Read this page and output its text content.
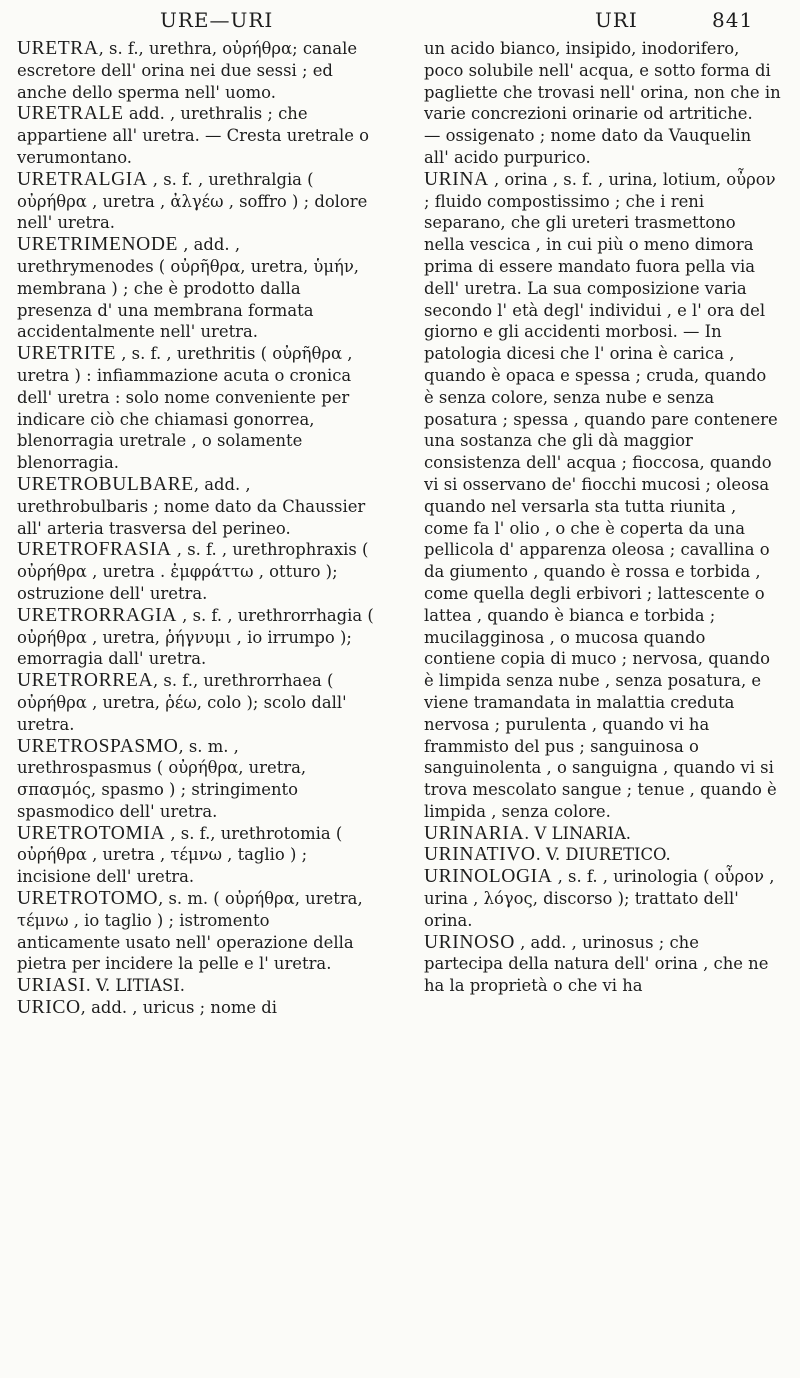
URE—URI	URI	841

URETRA, s. f., urethra, οὐρήθρα; canale escretore dell' orina nei due sessi ; ed anche dello sperma nell' uomo.

URETRALE add. , urethralis ; che appartiene all' uretra. — Cresta uretrale o verumontano.

URETRALGIA , s. f. , urethralgia ( οὐρήθρα , uretra , ἀλγέω , soffro ) ; dolore nell' uretra.

URETRIMENODE , add. , urethrymenodes ( οὐρῆθρα, uretra, ὑμήν, membrana ) ; che è prodotto dalla presenza d' una membrana formata accidentalmente nell' uretra.

URETRITE , s. f. , urethritis ( οὐρῆθρα , uretra ) : infiammazione acuta o cronica dell' uretra : solo nome conveniente per indicare ciò che chiamasi gonorrea, blenorragia uretrale , o solamente blenorragia.

URETROBULBARE, add. , urethrobulbaris ; nome dato da Chaussier all' arteria trasversa del perineo.

URETROFRASIA , s. f. , urethrophraxis ( οὐρήθρα , uretra . ἐμφράττω , otturo ); ostruzione dell' uretra.

URETRORRAGIA , s. f. , urethrorrhagia ( οὐρήθρα , uretra, ῥήγνυμι , io irrumpo ); emorragia dall' uretra.

URETRORREA, s. f., urethrorrhaea ( οὐρήθρα , uretra, ῥέω, colo ); scolo dall' uretra.

URETROSPASMO, s. m. , urethrospasmus ( οὐρήθρα, uretra, σπασμός, spasmo ) ; stringimento spasmodico dell' uretra.

URETROTOMIA , s. f., urethrotomia ( οὐρήθρα , uretra , τέμνω , taglio ) ; incisione dell' uretra.

URETROTOMO, s. m. ( οὐρήθρα, uretra, τέμνω , io taglio ) ; istromento anticamente usato nell' operazione della pietra per incidere la pelle e l' uretra.

URIASI. V. LITIASI.

URICO, add. , uricus ; nome di

un acido bianco, insipido, inodorifero, poco solubile nell' acqua, e sotto forma di pagliette che trovasi nell' orina, non che in varie concrezioni orinarie od artritiche.

— ossigenato ; nome dato da Vauquelin all' acido purpurico.

URINA , orina , s. f. , urina, lotium, οὖρον ; fluido compostissimo ; che i reni separano, che gli ureteri trasmettono nella vescica , in cui più o meno dimora prima di essere mandato fuora pella via dell' uretra. La sua composizione varia secondo l' età degl' individui , e l' ora del giorno e gli accidenti morbosi. — In patologia dicesi che l' orina è carica , quando è opaca e spessa ; cruda, quando è senza colore, senza nube e senza posatura ; spessa , quando pare contenere una sostanza che gli dà maggior consistenza dell' acqua ; fioccosa, quando vi si osservano de' fiocchi mucosi ; oleosa quando nel versarla sta tutta riunita , come fa l' olio , o che è coperta da una pellicola d' apparenza oleosa ; cavallina o da giumento , quando è rossa e torbida , come quella degli erbivori ; lattescente o lattea , quando è bianca e torbida ; mucilagginosa , o mucosa quando contiene copia di muco ; nervosa, quando è limpida senza nube , senza posatura, e viene tramandata in malattia creduta nervosa ; purulenta , quando vi ha frammisto del pus ; sanguinosa o sanguinolenta , o sanguigna , quando vi si trova mescolato sangue ; tenue , quando è limpida , senza colore.

URINARIA. V LINARIA.

URINATIVO. V. DIURETICO.

URINOLOGIA , s. f. , urinologia ( οὖρον , urina , λόγος, discorso ); trattato dell' orina.

URINOSO , add. , urinosus ; che partecipa della natura dell' orina , che ne ha la proprietà o che vi ha
